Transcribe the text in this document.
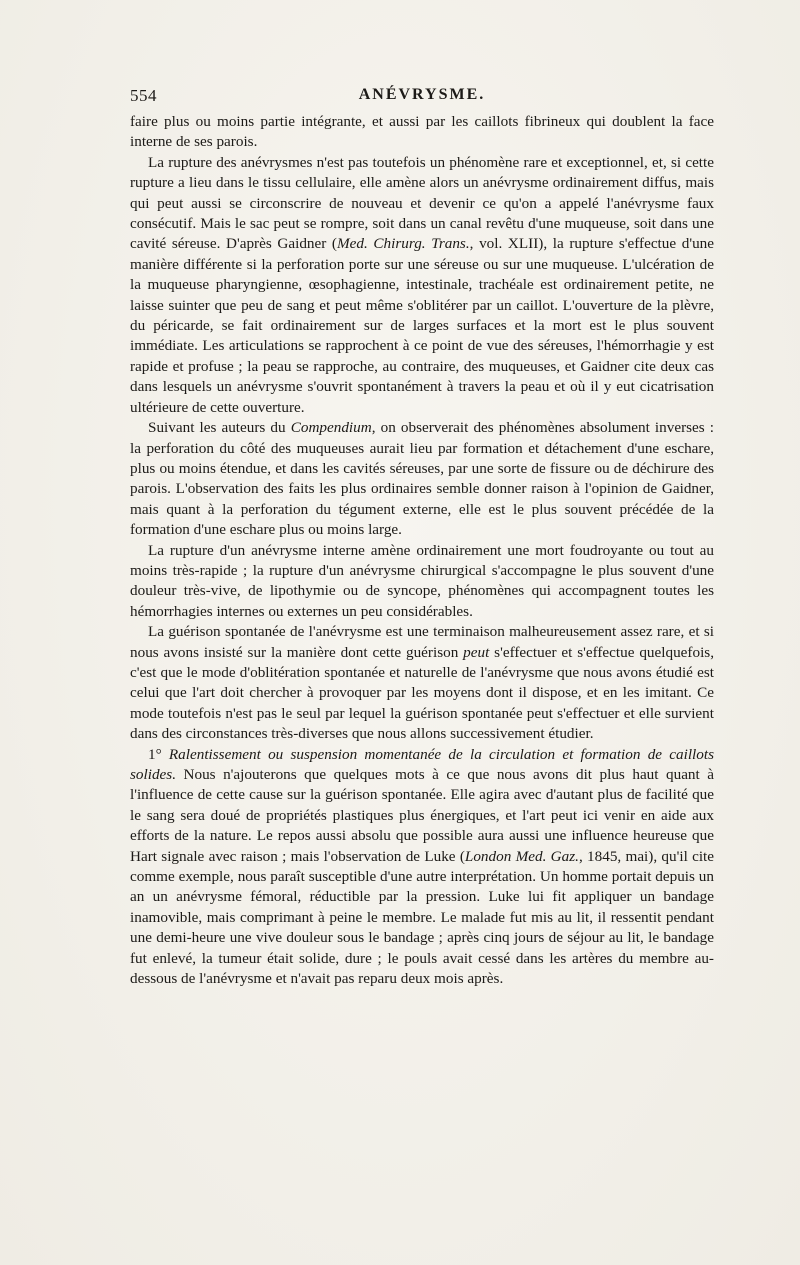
554	ANÉVRYSME.

faire plus ou moins partie intégrante, et aussi par les caillots fibrineux qui doublent la face interne de ses parois.

La rupture des anévrysmes n'est pas toutefois un phénomène rare et exceptionnel, et, si cette rupture a lieu dans le tissu cellulaire, elle amène alors un anévrysme ordinairement diffus, mais qui peut aussi se circonscrire de nouveau et devenir ce qu'on a appelé l'anévrysme faux consécutif. Mais le sac peut se rompre, soit dans un canal revêtu d'une muqueuse, soit dans une cavité séreuse. D'après Gaidner (Med. Chirurg. Trans., vol. XLII), la rupture s'effectue d'une manière différente si la perforation porte sur une séreuse ou sur une muqueuse. L'ulcération de la muqueuse pharyngienne, œsophagienne, intestinale, trachéale est ordinairement petite, ne laisse suinter que peu de sang et peut même s'oblitérer par un caillot. L'ouverture de la plèvre, du péricarde, se fait ordinairement sur de larges surfaces et la mort est le plus souvent immédiate. Les articulations se rapprochent à ce point de vue des séreuses, l'hémorrhagie y est rapide et profuse ; la peau se rapproche, au contraire, des muqueuses, et Gaidner cite deux cas dans lesquels un anévrysme s'ouvrit spontanément à travers la peau et où il y eut cicatrisation ultérieure de cette ouverture.

Suivant les auteurs du Compendium, on observerait des phénomènes absolument inverses : la perforation du côté des muqueuses aurait lieu par formation et détachement d'une eschare, plus ou moins étendue, et dans les cavités séreuses, par une sorte de fissure ou de déchirure des parois. L'observation des faits les plus ordinaires semble donner raison à l'opinion de Gaidner, mais quant à la perforation du tégument externe, elle est le plus souvent précédée de la formation d'une eschare plus ou moins large.

La rupture d'un anévrysme interne amène ordinairement une mort foudroyante ou tout au moins très-rapide ; la rupture d'un anévrysme chirurgical s'accompagne le plus souvent d'une douleur très-vive, de lipothymie ou de syncope, phénomènes qui accompagnent toutes les hémorrhagies internes ou externes un peu considérables.

La guérison spontanée de l'anévrysme est une terminaison malheureusement assez rare, et si nous avons insisté sur la manière dont cette guérison peut s'effectuer et s'effectue quelquefois, c'est que le mode d'oblitération spontanée et naturelle de l'anévrysme que nous avons étudié est celui que l'art doit chercher à provoquer par les moyens dont il dispose, et en les imitant. Ce mode toutefois n'est pas le seul par lequel la guérison spontanée peut s'effectuer et elle survient dans des circonstances très-diverses que nous allons successivement étudier.

1° Ralentissement ou suspension momentanée de la circulation et formation de caillots solides. Nous n'ajouterons que quelques mots à ce que nous avons dit plus haut quant à l'influence de cette cause sur la guérison spontanée. Elle agira avec d'autant plus de facilité que le sang sera doué de propriétés plastiques plus énergiques, et l'art peut ici venir en aide aux efforts de la nature. Le repos aussi absolu que possible aura aussi une influence heureuse que Hart signale avec raison ; mais l'observation de Luke (London Med. Gaz., 1845, mai), qu'il cite comme exemple, nous paraît susceptible d'une autre interprétation. Un homme portait depuis un an un anévrysme fémoral, réductible par la pression. Luke lui fit appliquer un bandage inamovible, mais comprimant à peine le membre. Le malade fut mis au lit, il ressentit pendant une demi-heure une vive douleur sous le bandage ; après cinq jours de séjour au lit, le bandage fut enlevé, la tumeur était solide, dure ; le pouls avait cessé dans les artères du membre au-dessous de l'anévrysme et n'avait pas reparu deux mois après.
